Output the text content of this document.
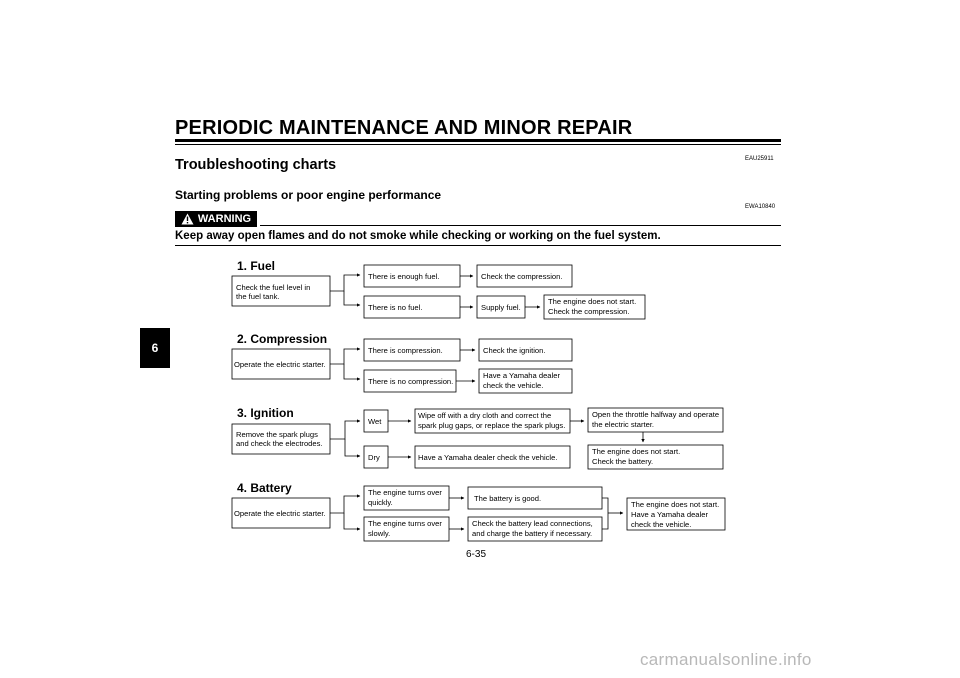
PERIODIC MAINTENANCE AND MINOR REPAIR
EAU25911
Troubleshooting charts
Starting problems or poor engine performance
EWA10840
WARNING
Keep away open flames and do not smoke while checking or working on the fuel system.
6
1. Fuel
Check the fuel level in
the fuel tank.
There is enough fuel.	Check the compression.
There is no fuel.	Supply fuel.
The engine does not start.
Check the compression.
2. Compression
Operate the electric starter.
There is compression.	Check the ignition.
There is no compression.
Have a Yamaha dealer
check the vehicle.
3. Ignition
Remove the spark plugs
and check the electrodes.
Wet
Wipe off with a dry cloth and correct the
spark plug gaps, or replace the spark plugs.
Open the throttle halfway and operate
the electric starter.
The engine does not start.
Check the battery.
Dry	Have a Yamaha dealer check the vehicle.
4. Battery
Operate the electric starter.
The engine turns over
quickly.	The battery is good.
The engine turns over
slowly.
Check the battery lead connections,
and charge the battery if necessary.
The engine does not start.
Have a Yamaha dealer
check the vehicle.
6-35
carmanualsonline.info
